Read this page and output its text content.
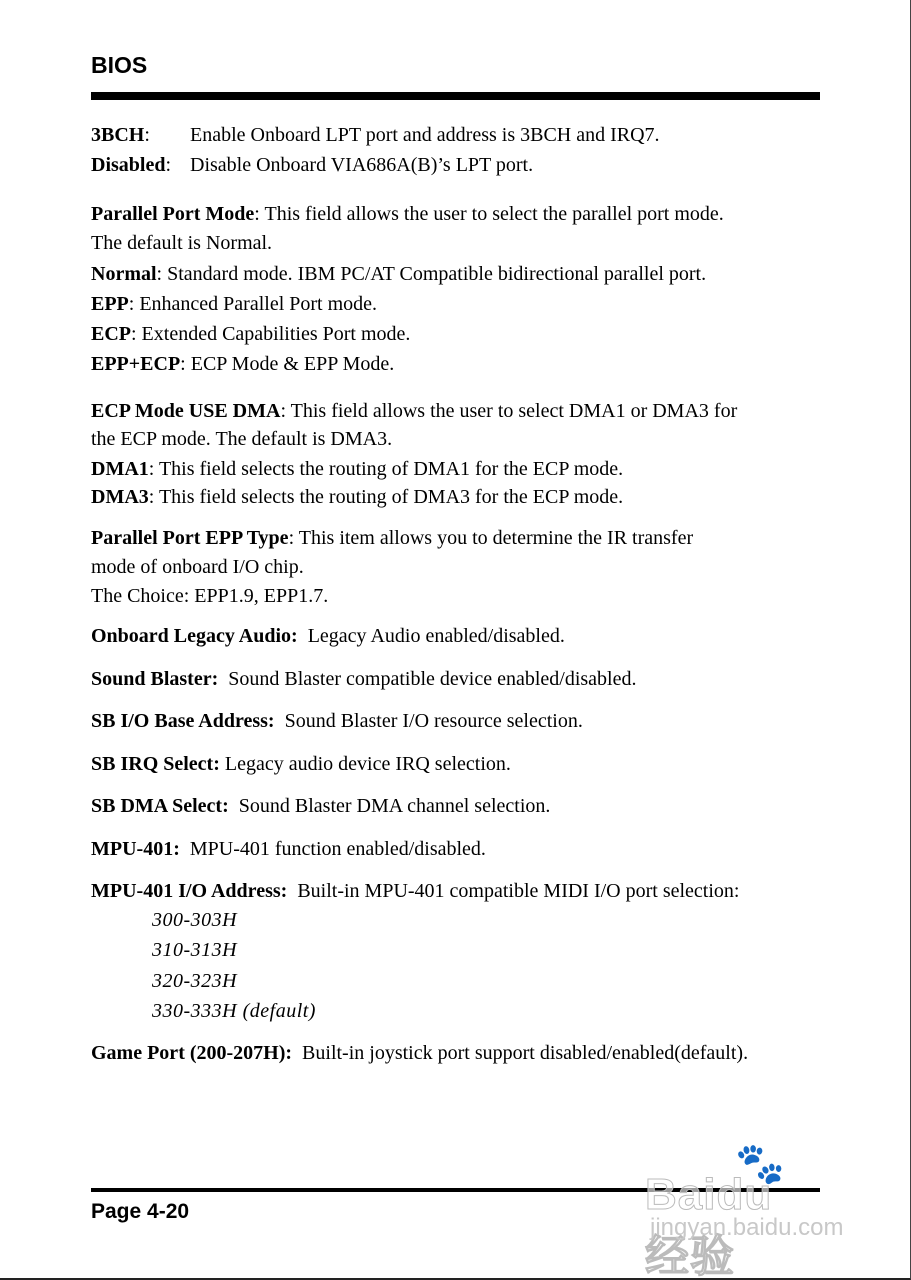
BIOS
3BCH: Enable Onboard LPT port and address is 3BCH and IRQ7.
Disabled: Disable Onboard VIA686A(B)’s LPT port.
Parallel Port Mode: This field allows the user to select the parallel port mode.
The default is Normal.
Normal: Standard mode. IBM PC/AT Compatible bidirectional parallel port.
EPP: Enhanced Parallel Port mode.
ECP: Extended Capabilities Port mode.
EPP+ECP: ECP Mode & EPP Mode.
ECP Mode USE DMA: This field allows the user to select DMA1 or DMA3 for
the ECP mode. The default is DMA3.
DMA1: This field selects the routing of DMA1 for the ECP mode.
DMA3: This field selects the routing of DMA3 for the ECP mode.
Parallel Port EPP Type: This item allows you to determine the IR transfer
mode of onboard I/O chip.
The Choice: EPP1.9, EPP1.7.
Onboard Legacy Audio:  Legacy Audio enabled/disabled.
Sound Blaster:  Sound Blaster compatible device enabled/disabled.
SB I/O Base Address:  Sound Blaster I/O resource selection.
SB IRQ Select: Legacy audio device IRQ selection.
SB DMA Select:  Sound Blaster DMA channel selection.
MPU-401:  MPU-401 function enabled/disabled.
MPU-401 I/O Address:  Built-in MPU-401 compatible MIDI I/O port selection:
300-303H
310-313H
320-323H
330-333H (default)
Game Port (200-207H):  Built-in joystick port support disabled/enabled(default).
Page 4-20
🐾
Baidu 经验
jingyan.baidu.com
